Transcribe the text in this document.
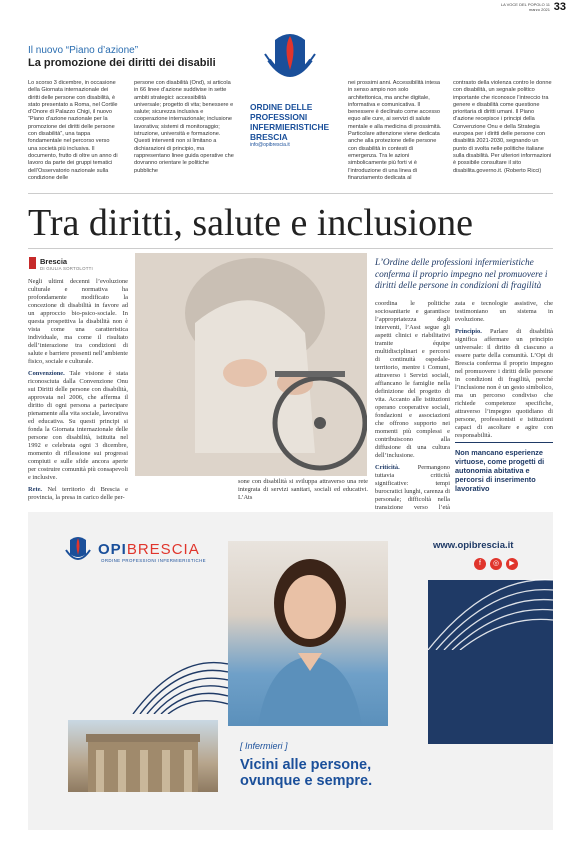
LA VOCE DEL POPOLO 11 marzo 2021 33
Il nuovo “Piano d’azione”
La promozione dei diritti dei disabili
Lo scorso 3 dicembre, in occasione della Giornata internazionale dei diritti delle persone con disabilità, è stato presentato a Roma, nel Cortile d’Onore di Palazzo Chigi, il nuovo “Piano d’azione nazionale per la promozione dei diritti delle persone con disabilità”, una tappa fondamentale nel percorso verso una società più inclusiva. Il documento, frutto di oltre un anno di lavoro da parte dei gruppi tematici dell’Osservatorio nazionale sulla condizione delle
persone con disabilità (Ond), si articola in 66 linee d’azione suddivise in sette ambiti strategici: accessibilità universale; progetto di vita; benessere e salute; sicurezza inclusiva e cooperazione internazionale; inclusione lavorativa; sistemi di monitoraggio; istruzione, università e formazione. Questi interventi non si limitano a dichiarazioni di principio, ma rappresentano linee guida operative che dovranno orientare le politiche pubbliche
nei prossimi anni. Accessibilità intesa in senso ampio non solo architettonica, ma anche digitale, informativa e comunicativa. Il benessere è declinato come accesso equo alle cure, ai servizi di salute mentale e alla medicina di prossimità. Particolare attenzione viene dedicata anche alla protezione delle persone con disabilità in contesti di emergenza. Tra le azioni simbolicamente più forti vi è l’introduzione di una linea di finanziamento dedicata al
contrasto della violenza contro le donne con disabilità, un segnale politico importante che riconosce l’intreccio tra genere e disabilità come questione prioritaria di diritti umani. Il Piano d’azione recepisce i principi della Convenzione Onu e della Strategia europea per i diritti delle persone con disabilità 2021-2030, segnando un punto di svolta nelle politiche italiane sulla disabilità. Per ulteriori informazioni è possibile consultare il sito disabilita.governo.it. (Roberto Ricci)
ORDINE DELLE PROFESSIONI INFERMIERISTICHE BRESCIA
info@opibrescia.it
Tra diritti, salute e inclusione
Brescia
DI GIULIA SORTOLOTTI
Negli ultimi decenni l’evoluzione culturale e normativa ha profondamente modificato la concezione di disabilità in favore ad un approccio bio-psico-sociale. In questa prospettiva la disabilità non è vista come una caratteristica individuale, ma come il risultato dell’interazione tra condizioni di salute e barriere presenti nell’ambiente fisico, sociale e culturale.

Convenzione. Tale visione è stata riconosciuta dalla Convenzione Onu sui Diritti delle persone con disabilità, approvata nel 2006, che afferma il diritto di ogni persona a partecipare pienamente alla vita sociale, lavorativa ed educativa. Su questi principi si fonda la Giornata internazionale delle persone con disabilità, istituita nel 1992 e celebrata ogni 3 dicembre, momento di riflessione sui progressi compiuti e sulle sfide ancora aperte per costruire comunità più consapevoli e inclusive.

Rete. Nel territorio di Brescia e provincia, la presa in carico delle per-
sone con disabilità si sviluppa attraverso una rete integrata di servizi sanitari, sociali ed educativi. L’Ats
L’Ordine delle professioni infermieristiche conferma il proprio impegno nel promuovere i diritti delle persone in condizioni di fragilità
coordina le politiche sociosanitarie e garantisce l’appropriatezza degli interventi, l’Asst segue gli aspetti clinici e riabilitativi tramite équipe multidisciplinari e percorsi di continuità ospedale-territorio, mentre i Comuni, attraverso i Servizi sociali, affiancano le famiglie nella definizione del progetto di vita. Accanto alle istituzioni operano cooperative sociali, fondazioni e associazioni che offrono supporto nei momenti più complessi e contribuiscono alla diffusione di una cultura dell’inclusione.

Criticità.	Permangono tuttavia criticità significative: tempi burocratici lunghi, carenza di personale; difficoltà nella transizione verso l’età
zata e tecnologie assistive, che testimoniano un sistema in evoluzione.

Principio. Parlare di disabilità significa affermare un principio universale: il diritto di ciascuno a essere parte della comunità. L’Opi di Brescia conferma il proprio impegno nel promuovere i diritti delle persone in condizioni di fragilità, perché l’inclusione non è un gesto simbolico, ma un percorso condiviso che richiede competenze specifiche, attraverso l’impegno quotidiano di persone, professionisti e istituzioni capaci di ascoltare e agire con responsabilità.
Non mancano esperienze virtuose, come progetti di autonomia abitativa e percorsi di inserimento lavorativo
OPIBRESCIA
ORDINE PROFESSIONI INFERMIERISTICHE
www.opibrescia.it
f	◎	▶
[ Infermieri ]
Vicini alle persone,
ovunque e sempre.
